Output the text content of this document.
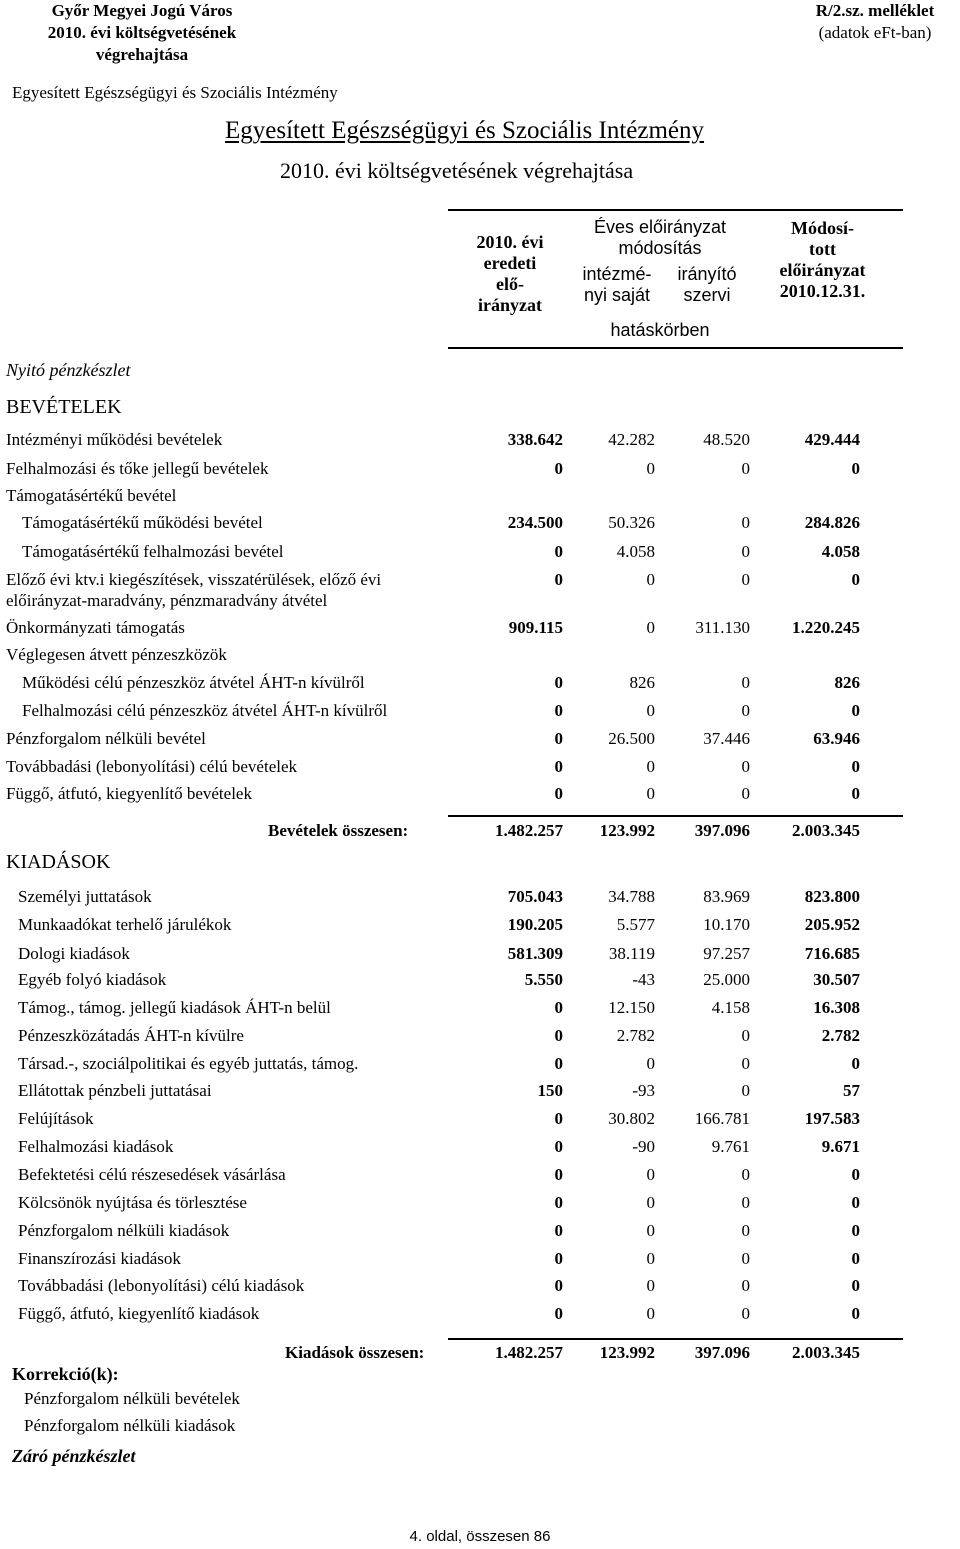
Győr Megyei Jogú Város
2010. évi költségvetésének
végrehajtása
R/2.sz. melléklet
(adatok eFt-ban)
Egyesített Egészségügyi és Szociális Intézmény
Egyesített Egészségügyi és Szociális Intézmény
2010. évi költségvetésének végrehajtása
2010. évi
eredeti
elő-
irányzat
Éves előirányzat
módosítás
intézmé-
nyi saját
irányító
szervi
hatáskörben
Módosí-
tott
előirányzat
2010.12.31.
Nyitó pénzkészlet
BEVÉTELEK
Intézményi működési bevételek	338.642	42.282	48.520	429.444
Felhalmozási és tőke jellegű bevételek	0	0	0	0
Támogatásértékű bevétel
Támogatásértékű működési bevétel	234.500	50.326	0	284.826
Támogatásértékű felhalmozási bevétel	0	4.058	0	4.058
Előző évi ktv.i kiegészítések, visszatérülések, előző évi
előirányzat-maradvány, pénzmaradvány átvétel
0	0	0	0
Önkormányzati támogatás	909.115	0	311.130	1.220.245
Véglegesen átvett pénzeszközök
Működési célú pénzeszköz átvétel ÁHT-n kívülről	0	826	0	826
Felhalmozási célú pénzeszköz átvétel ÁHT-n kívülről	0	0	0	0
Pénzforgalom nélküli bevétel	0	26.500	37.446	63.946
Továbbadási (lebonyolítási) célú bevételek	0	0	0	0
Függő, átfutó, kiegyenlítő bevételek	0	0	0	0
Bevételek összesen:	1.482.257	123.992	397.096	2.003.345
KIADÁSOK
Személyi juttatások	705.043	34.788	83.969	823.800
Munkaadókat terhelő járulékok	190.205	5.577	10.170	205.952
Dologi kiadások	581.309	38.119	97.257	716.685
Egyéb folyó kiadások	5.550	-43	25.000	30.507
Támog., támog. jellegű kiadások ÁHT-n belül	0	12.150	4.158	16.308
Pénzeszközátadás ÁHT-n kívülre	0	2.782	0	2.782
Társad.-, szociálpolitikai és egyéb juttatás, támog.	0	0	0	0
Ellátottak pénzbeli juttatásai	150	-93	0	57
Felújítások	0	30.802	166.781	197.583
Felhalmozási kiadások	0	-90	9.761	9.671
Befektetési célú részesedések vásárlása	0	0	0	0
Kölcsönök nyújtása és törlesztése	0	0	0	0
Pénzforgalom nélküli kiadások	0	0	0	0
Finanszírozási kiadások	0	0	0	0
Továbbadási (lebonyolítási) célú kiadások	0	0	0	0
Függő, átfutó, kiegyenlítő kiadások	0	0	0	0
Kiadások összesen:	1.482.257	123.992	397.096	2.003.345
Korrekció(k):
Pénzforgalom nélküli bevételek
Pénzforgalom nélküli kiadások
Záró pénzkészlet
4. oldal, összesen 86
